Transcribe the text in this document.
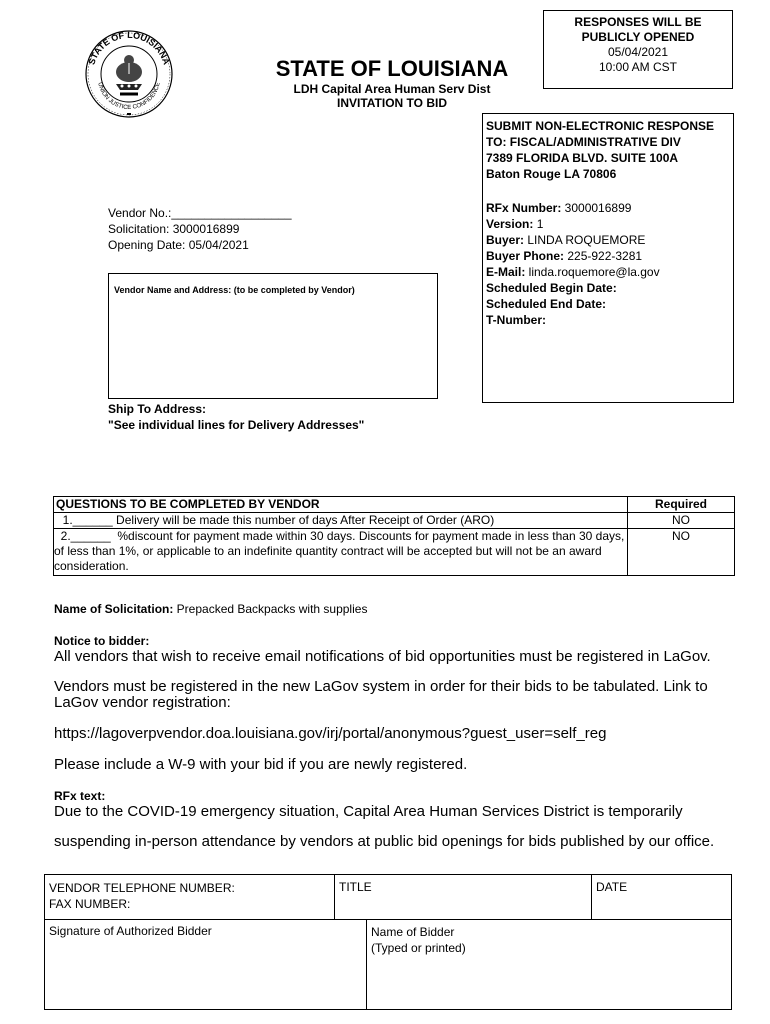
STATE OF LOUISIANA
UNION JUSTICE CONFIDENCE
STATE OF LOUISIANA
LDH Capital Area Human Serv Dist
INVITATION TO BID
RESPONSES WILL BE
PUBLICLY OPENED
05/04/2021
10:00 AM CST
SUBMIT NON-ELECTRONIC RESPONSE
TO: FISCAL/ADMINISTRATIVE DIV
7389 FLORIDA BLVD. SUITE 100A
Baton Rouge LA 70806
RFx Number: 3000016899
Version: 1
Buyer: LINDA ROQUEMORE
Buyer Phone: 225-922-3281
E-Mail: linda.roquemore@la.gov
Scheduled Begin Date:
Scheduled End Date:
T-Number:
Vendor No.:__________________
Solicitation: 3000016899
Opening Date: 05/04/2021
Vendor Name and Address: (to be completed by Vendor)
Ship To Address:
"See individual lines for Delivery Addresses"
QUESTIONS TO BE COMPLETED BY VENDOR	Required
1.______ Delivery will be made this number of days After Receipt of Order (ARO)	NO
2.______  %discount for payment made within 30 days. Discounts for payment made in less than 30 days, of less than 1%, or applicable to an indefinite quantity contract will be accepted but will not be an award consideration.	NO
Name of Solicitation: Prepacked Backpacks with supplies
Notice to bidder:
All vendors that wish to receive email notifications of bid opportunities must be registered in LaGov.
Vendors must be registered in the new LaGov system in order for their bids to be tabulated. Link to LaGov vendor registration:
https://lagoverpvendor.doa.louisiana.gov/irj/portal/anonymous?guest_user=self_reg
Please include a W-9 with your bid if you are newly registered.
RFx text:
Due to the COVID-19 emergency situation, Capital Area Human Services District is temporarily
suspending in-person attendance by vendors at public bid openings for bids published by our office.
VENDOR TELEPHONE NUMBER:
FAX NUMBER:
TITLE	DATE
Signature of Authorized Bidder	Name of Bidder
(Typed or printed)
